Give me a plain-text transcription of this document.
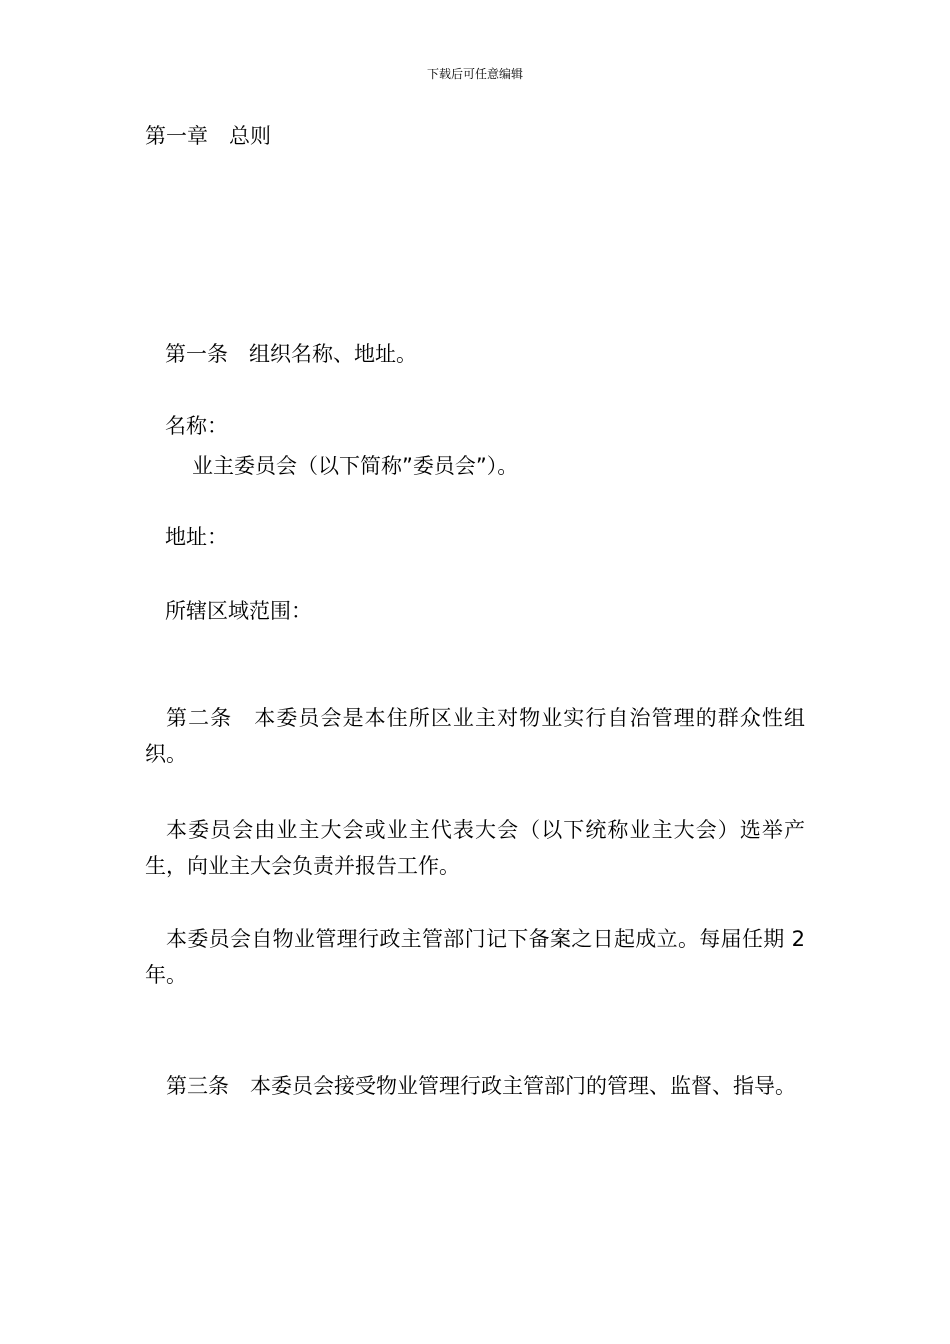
下载后可任意编辑
第一章　总则
第一条　组织名称、地址。
名称：
业主委员会（以下简称”委员会”）。
地址：
所辖区域范围：
第二条　本委员会是本住所区业主对物业实行自治管理的群众性组织。
本委员会由业主大会或业主代表大会（以下统称业主大会）选举产生，向业主大会负责并报告工作。
本委员会自物业管理行政主管部门记下备案之日起成立。每届任期 2 年。
第三条　本委员会接受物业管理行政主管部门的管理、监督、指导。
